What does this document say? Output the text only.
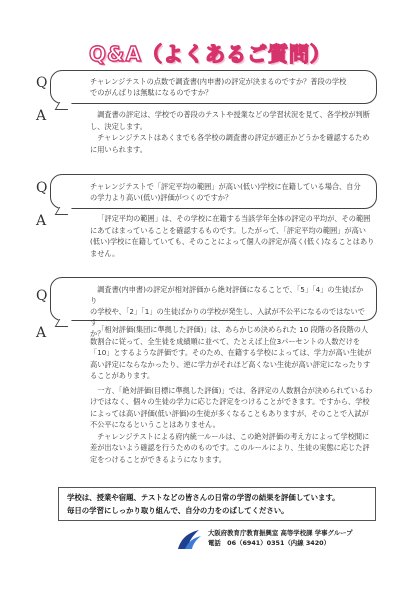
Q&A（よくあるご質問）
Q	チャレンジテストの点数で調査書(内申書)の評定が決まるのですか？普段の学校
でのがんばりは無駄になるのですか？
A	調査書の評定は、学校での普段のテストや授業などの学習状況を見て、各学校が判断し、決定します。

チャレンジテストはあくまでも各学校の調査書の評定が適正かどうかを確認するために用いられます。

Q	チャレンジテストで「評定平均の範囲」が高い(低い)学校に在籍している場合、自分
の学力より高い(低い)評価がつくのですか？
A	「評定平均の範囲」は、その学校に在籍する当該学年全体の評定の平均が、その範囲にあてはまっていることを確認するものです。したがって、「評定平均の範囲」が高い(低い)学校に在籍していても、そのことによって個人の評定が高く(低く)なることはありません。

Q	調査書(内申書)の評定が相対評価から絶対評価になることで、「5」「4」の生徒ばかり
の学校や、「2」「1」の生徒ばかりの学校が発生し、入試が不公平になるのではないです
か？
A	「相対評価(集団に準拠した評価)」は、あらかじめ決められた 10 段階の各段階の人数割合に従って、全生徒を成績順に並べて、たとえば上位3パーセントの人数だけを「10」とするような評価です。そのため、在籍する学校によっては、学力が高い生徒が高い評定にならなかったり、逆に学力がそれほど高くない生徒が高い評定になったりすることがあります。

一方、「絶対評価(目標に準拠した評価)」では、各評定の人数割合が決められているわけではなく、個々の生徒の学力に応じた評定をつけることができます。ですから、学校によっては高い評価(低い評価)の生徒が多くなることもありますが、そのことで入試が不公平になるということはありません。

チャレンジテストによる府内統一ルールは、この絶対評価の考え方によって学校間に差が出ないよう確認を行うためのものです。このルールにより、生徒の実態に応じた評定をつけることができるようになります。

学校は、授業や宿題、テストなどの皆さんの日常の学習の結果を評価しています。
毎日の学習にしっかり取り組んで、自分の力をのばしてください。
大阪府教育庁教育振興室 高等学校課 学事グループ
電話　06（6941）0351（内線 3420）
